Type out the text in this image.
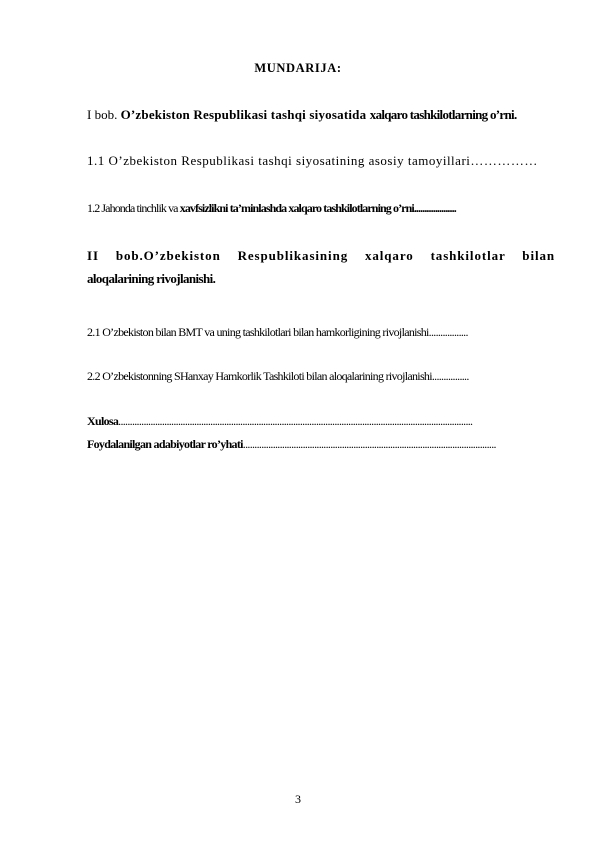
MUNDARIJA:
I bob. O’zbekiston Respublikasi tashqi siyosatida xalqaro tashkilotlarning o’rni.
1.1 O’zbekiston Respublikasi tashqi siyosatining asosiy tamoyillari……………
1.2 Jahonda tinchlik va xavfsizlikni ta’minlashda xalqaro tashkilotlarning o’rni....................
II bob.O’zbekiston Respublikasining xalqaro tashkilotlar bilan aloqalarining rivojlanishi.
2.1 O’zbekiston bilan BMT va uning tashkilotlari bilan hamkorligining rivojlanishi.................
2.2 O’zbekistonning SHanxay Hamkorlik Tashkiloti bilan aloqalarining rivojlanishi................
Xulosa..........................................................................................................................................................
Foydalanilgan adabiyotlar ro’yhati..............................................................................................................
3
